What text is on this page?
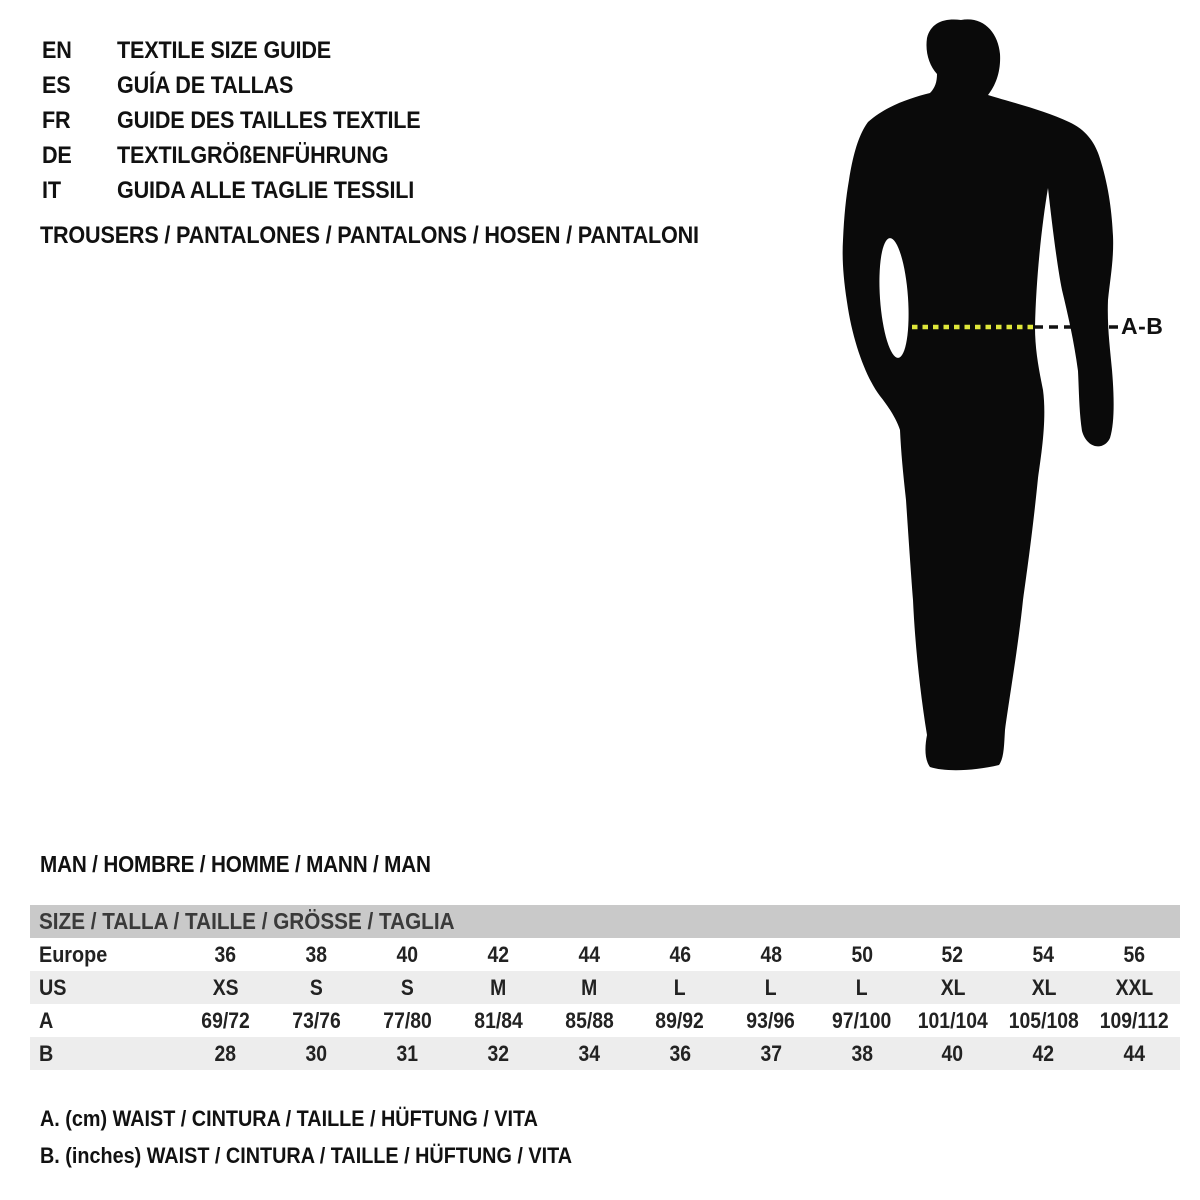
EN TEXTILE SIZE GUIDE
ES GUÍA DE TALLAS
FR GUIDE DES TAILLES TEXTILE
DE TEXTILGRÖßENFÜHRUNG
IT GUIDA ALLE TAGLIE TESSILI
TROUSERS / PANTALONES / PANTALONS / HOSEN / PANTALONI
A-B
MAN / HOMBRE / HOMME / MANN / MAN
SIZE / TALLA / TAILLE / GRÖSSE / TAGLIA
Europe	36	38	40	42	44	46	48	50	52	54	56
US	XS	S	S	M	M	L	L	L	XL	XL	XXL
A	69/72	73/76	77/80	81/84	85/88	89/92	93/96	97/100	101/104 105/108 109/112
B	28	30	31	32	34	36	37	38	40	42	44
A. (cm) WAIST / CINTURA / TAILLE / HÜFTUNG / VITA
B. (inches) WAIST / CINTURA / TAILLE / HÜFTUNG / VITA
